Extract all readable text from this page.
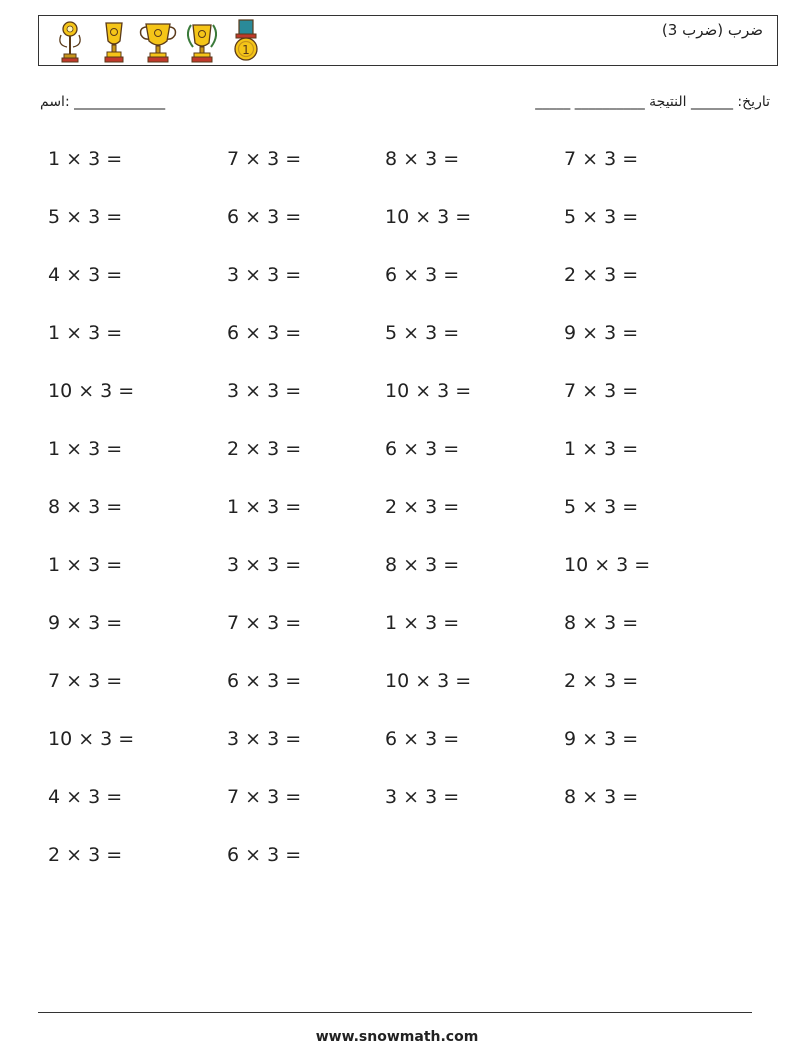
1
ضرب (ضرب 3)
اسم: _____________	تاريخ: ______ النتيجة __________ _____
1 × 3 =	7 × 3 =	8 × 3 =	7 × 3 =
5 × 3 =	6 × 3 =	10 × 3 =	5 × 3 =
4 × 3 =	3 × 3 =	6 × 3 =	2 × 3 =
1 × 3 =	6 × 3 =	5 × 3 =	9 × 3 =
10 × 3 =	3 × 3 =	10 × 3 =	7 × 3 =
1 × 3 =	2 × 3 =	6 × 3 =	1 × 3 =
8 × 3 =	1 × 3 =	2 × 3 =	5 × 3 =
1 × 3 =	3 × 3 =	8 × 3 =	10 × 3 =
9 × 3 =	7 × 3 =	1 × 3 =	8 × 3 =
7 × 3 =	6 × 3 =	10 × 3 =	2 × 3 =
10 × 3 =	3 × 3 =	6 × 3 =	9 × 3 =
4 × 3 =	7 × 3 =	3 × 3 =	8 × 3 =
2 × 3 =	6 × 3 =
www.snowmath.com
